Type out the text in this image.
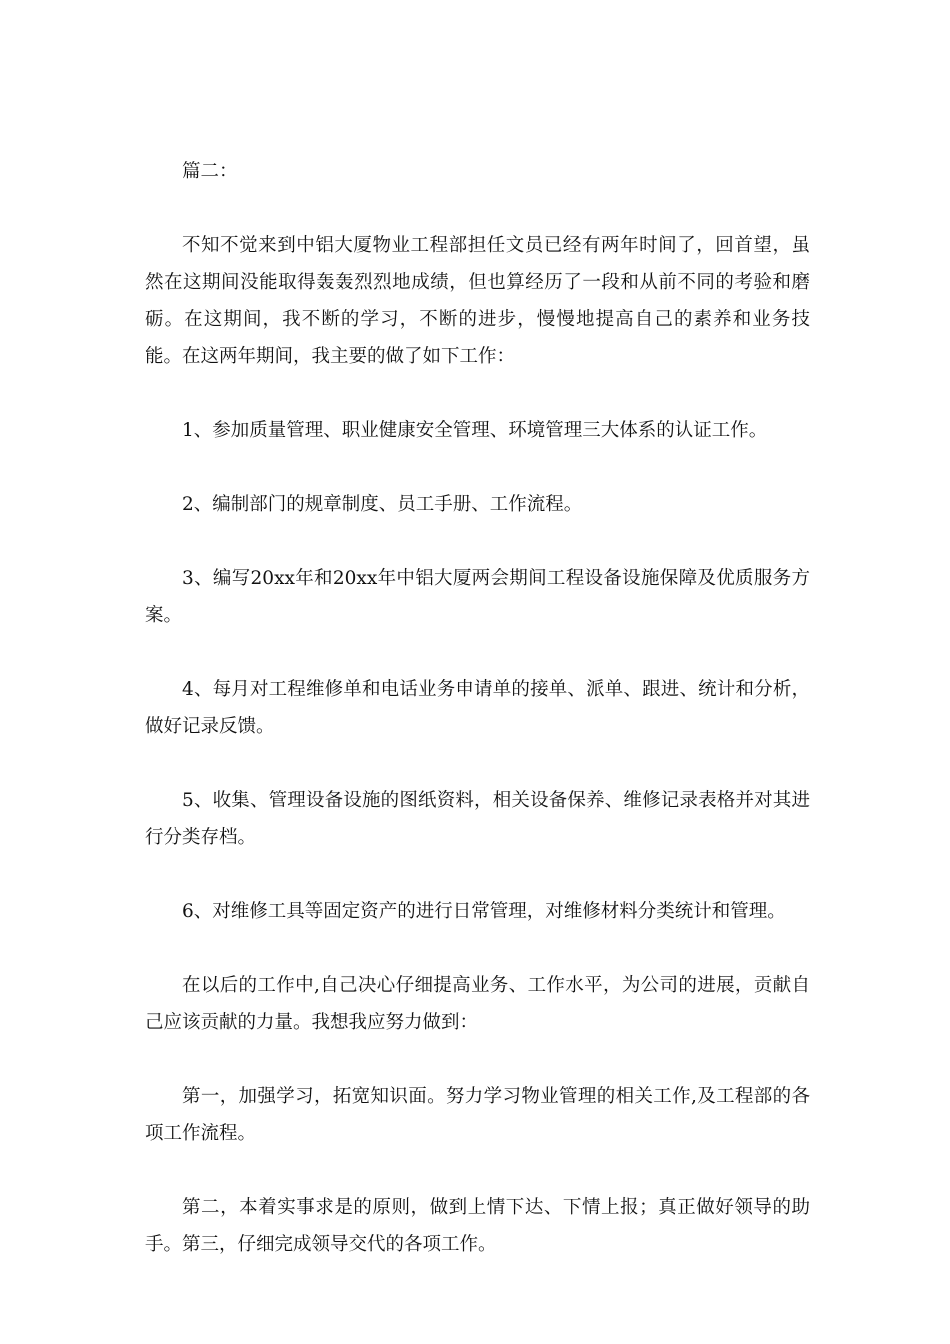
篇二：

不知不觉来到中铝大厦物业工程部担任文员已经有两年时间了，回首望，虽然在这期间没能取得轰轰烈烈地成绩，但也算经历了一段和从前不同的考验和磨砺。在这期间，我不断的学习，不断的进步，慢慢地提高自己的素养和业务技能。在这两年期间，我主要的做了如下工作：

1、参加质量管理、职业健康安全管理、环境管理三大体系的认证工作。

2、编制部门的规章制度、员工手册、工作流程。

3、编写20xx年和20xx年中铝大厦两会期间工程设备设施保障及优质服务方案。

4、每月对工程维修单和电话业务申请单的接单、派单、跟进、统计和分析，做好记录反馈。

5、收集、管理设备设施的图纸资料，相关设备保养、维修记录表格并对其进行分类存档。

6、对维修工具等固定资产的进行日常管理，对维修材料分类统计和管理。

在以后的工作中,自己决心仔细提高业务、工作水平，为公司的进展，贡献自己应该贡献的力量。我想我应努力做到：

第一，加强学习，拓宽知识面。努力学习物业管理的相关工作,及工程部的各项工作流程。

第二，本着实事求是的原则，做到上情下达、下情上报；真正做好领导的助手。第三，仔细完成领导交代的各项工作。
